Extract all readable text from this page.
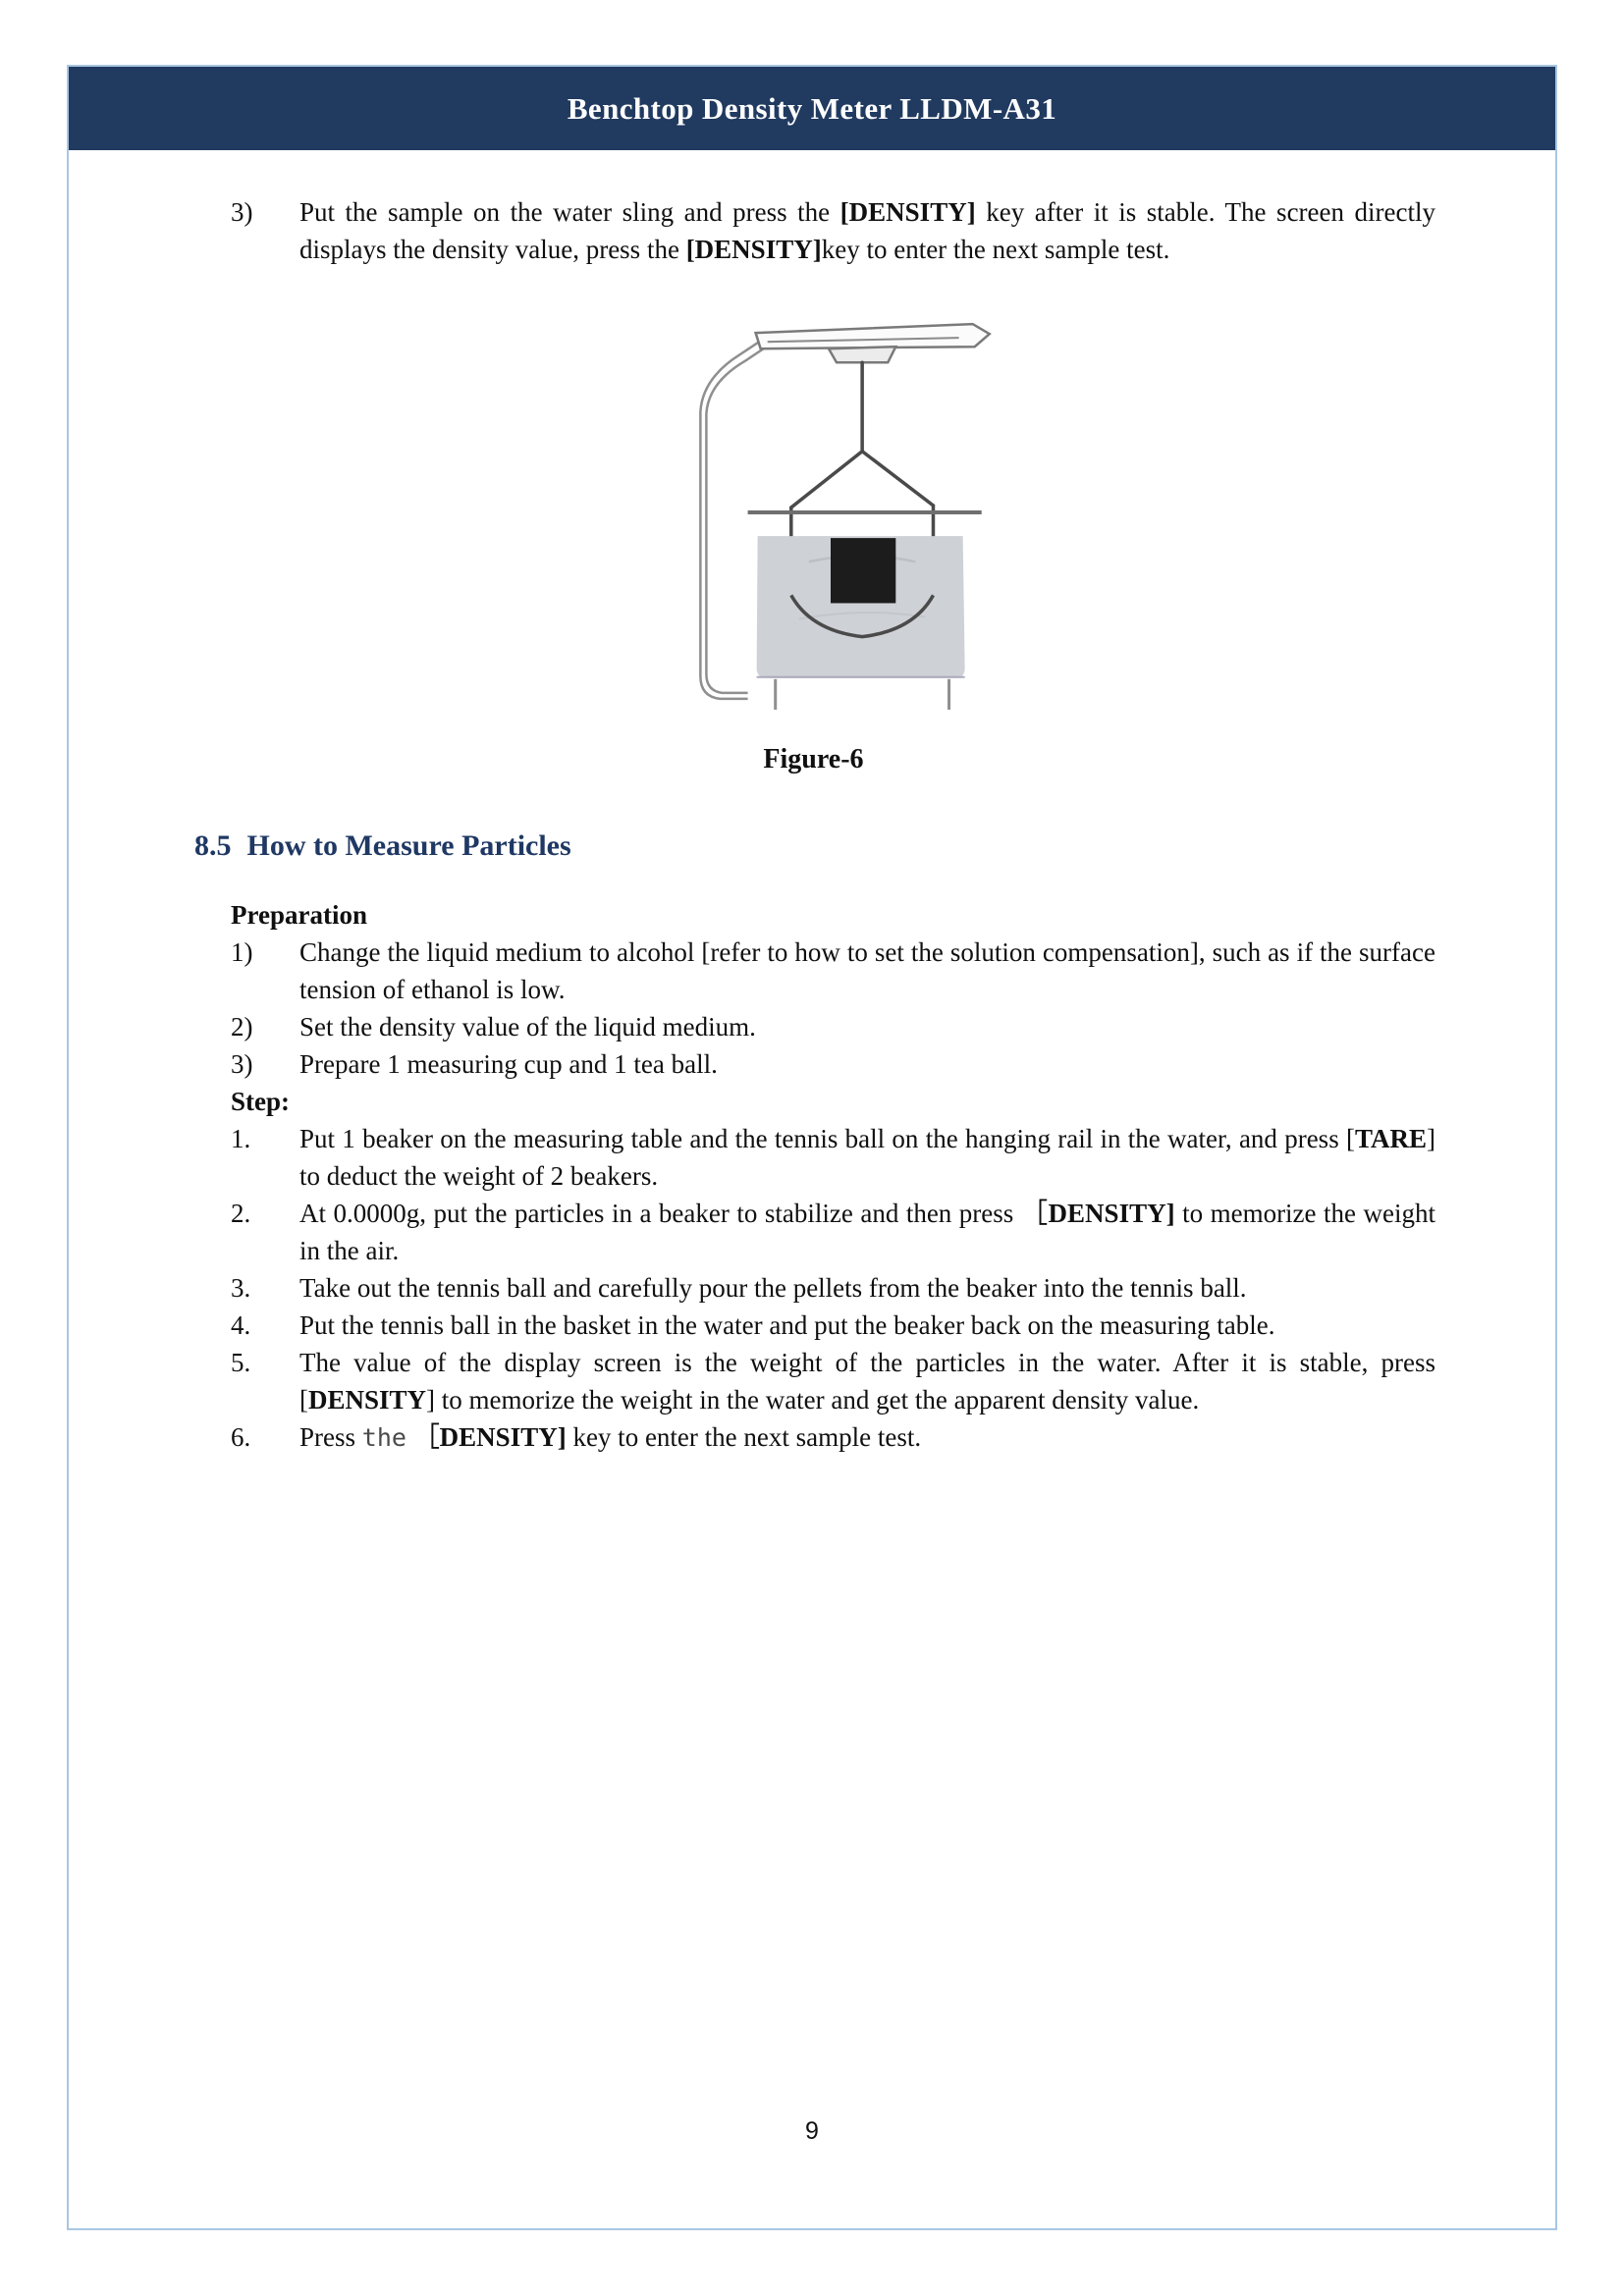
Benchtop Density Meter LLDM-A31
3)	Put the sample on the water sling and press the [DENSITY] key after it is stable. The screen directly displays the density value, press the [DENSITY]key to enter the next sample test.

Figure-6

8.5 How to Measure Particles

Preparation

1)	Change the liquid medium to alcohol [refer to how to set the solution compensation], such as if the surface tension of ethanol is low.

2)	Set the density value of the liquid medium.

3)	Prepare 1 measuring cup and 1 tea ball.

Step:

1.	Put 1 beaker on the measuring table and the tennis ball on the hanging rail in the water, and press [TARE] to deduct the weight of 2 beakers.

2.	At 0.0000g, put the particles in a beaker to stabilize and then press ［DENSITY] to memorize the weight in the air.

3.	Take out the tennis ball and carefully pour the pellets from the beaker into the tennis ball.

4.	Put the tennis ball in the basket in the water and put the beaker back on the measuring table.

5.	The value of the display screen is the weight of the particles in the water. After it is stable, press [DENSITY] to memorize the weight in the water and get the apparent density value.

6.	Press the ［DENSITY] key to enter the next sample test.

9
